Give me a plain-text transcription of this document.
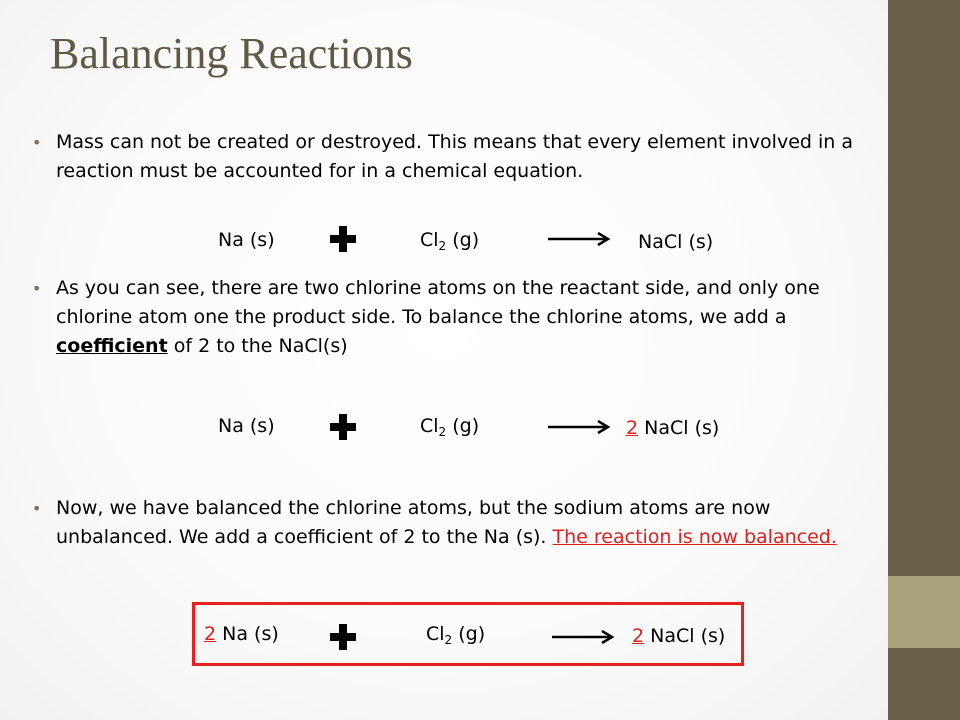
Balancing Reactions
• Mass can not be created or destroyed. This means that every element involved in a reaction must be accounted for in a chemical equation.
Na (s)	$Cl_2$ (g)	NaCl (s)
• As you can see, there are two chlorine atoms on the reactant side, and only one chlorine atom one the product side. To balance the chlorine atoms, we add a coefficient of 2 to the NaCl(s)
Na (s)	$Cl_2$ (g)	→ 2 NaCl (s)
• Now, we have balanced the chlorine atoms, but the sodium atoms are now unbalanced. We add a coefficient of 2 to the Na (s). The reaction is now balanced.
2 Na (s)	$Cl_2$ (g)	→ 2 NaCl (s)
